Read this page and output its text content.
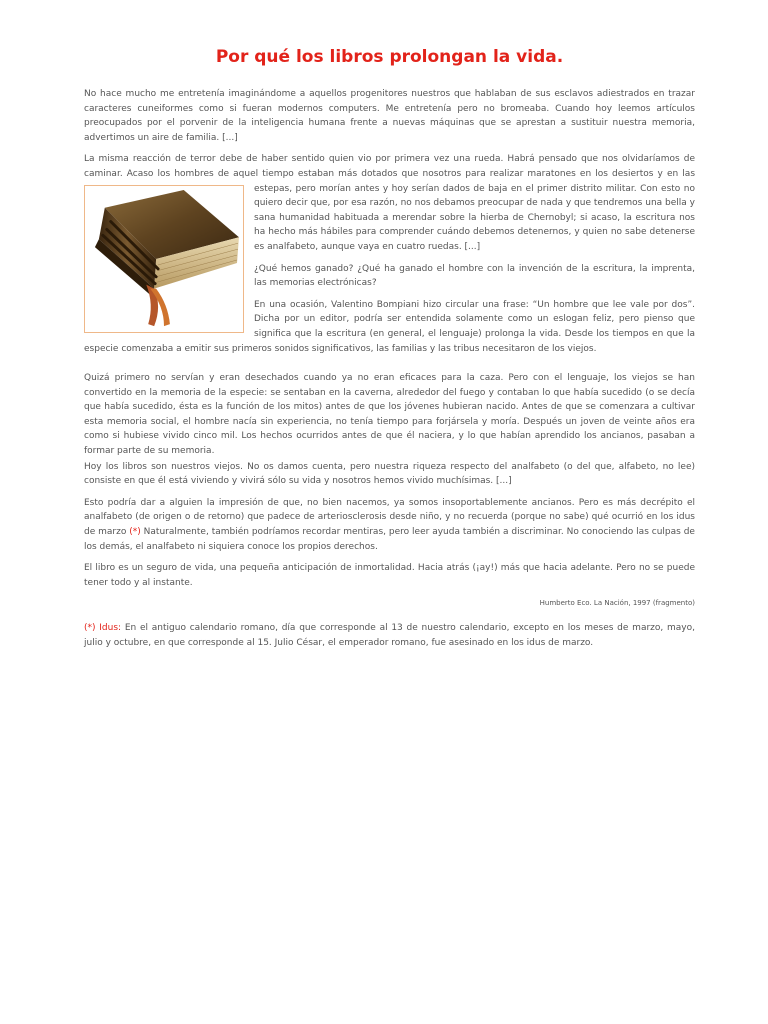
Por qué los libros prolongan la vida.

No hace mucho me entretenía imaginándome a aquellos progenitores nuestros que hablaban de sus esclavos adiestrados en trazar caracteres cuneiformes como si fueran modernos computers. Me entretenía pero no bromeaba. Cuando hoy leemos artículos preocupados por el porvenir de la inteligencia humana frente a nuevas máquinas que se aprestan a sustituir nuestra memoria, advertimos un aire de familia. [...]

La misma reacción de terror debe de haber sentido quien vio por primera vez una rueda. Habrá pensado que nos olvidaríamos de caminar. Acaso los hombres de aquel tiempo estaban más dotados que nosotros para realizar maratones en los desiertos y en las estepas, pero morían
antes y hoy serían dados de baja en el primer distrito militar. Con esto no quiero decir que, por esa razón, no nos debamos preocupar de nada y que tendremos una bella y sana humanidad habituada a merendar sobre la hierba de Chernobyl; si acaso, la escritura nos ha hecho más hábiles para comprender cuándo debemos detenernos, y quien no sabe detenerse es analfabeto, aunque vaya en cuatro ruedas. [...]

¿Qué hemos ganado? ¿Qué ha ganado el hombre con la invención de la escritura, la imprenta, las memorias electrónicas?

En una ocasión, Valentino Bompiani hizo circular una frase: “Un hombre que lee vale por dos”. Dicha por un editor, podría ser entendida solamente como un eslogan feliz, pero pienso que significa que la escritura (en general, el lenguaje) prolonga la vida. Desde los tiempos en que la especie comenzaba a emitir sus primeros sonidos significativos, las familias y las tribus necesitaron de los viejos.

Quizá primero no servían y eran desechados cuando ya no eran eficaces para la caza. Pero con el lenguaje, los viejos se han convertido en la memoria de la especie: se sentaban en la caverna, alrededor del fuego y contaban lo que había sucedido (o se decía que había sucedido, ésta es la función de los mitos) antes de que los jóvenes hubieran nacido. Antes de que se comenzara a cultivar esta memoria social, el hombre nacía sin experiencia, no tenía tiempo para forjársela y moría. Después un joven de veinte años era como si hubiese vivido cinco mil. Los hechos ocurridos antes de que él naciera, y lo que habían aprendido los ancianos, pasaban a formar parte de su memoria.

Hoy los libros son nuestros viejos. No os damos cuenta, pero nuestra riqueza respecto del analfabeto (o del que, alfabeto, no lee) consiste en que él está viviendo y vivirá sólo su vida y nosotros hemos vivido muchísimas. [...]

Esto podría dar a alguien la impresión de que, no bien nacemos, ya somos insoportablemente ancianos. Pero es más decrépito el analfabeto (de origen o de retorno) que padece de arteriosclerosis desde niño, y no recuerda (porque no sabe) qué ocurrió en los idus de marzo (*) Naturalmente, también podríamos recordar mentiras, pero leer ayuda también a discriminar. No conociendo las culpas de los demás, el analfabeto ni siquiera conoce los propios derechos.

El libro es un seguro de vida, una pequeña anticipación de inmortalidad. Hacia atrás (¡ay!) más que hacia adelante. Pero no se puede tener todo y al instante.

Humberto Eco. La Nación, 1997 (fragmento)

(*) Idus: En el antiguo calendario romano, día que corresponde al 13 de nuestro calendario, excepto en los meses de marzo, mayo, julio y octubre, en que corresponde al 15. Julio César, el emperador romano, fue asesinado en los idus de marzo.
